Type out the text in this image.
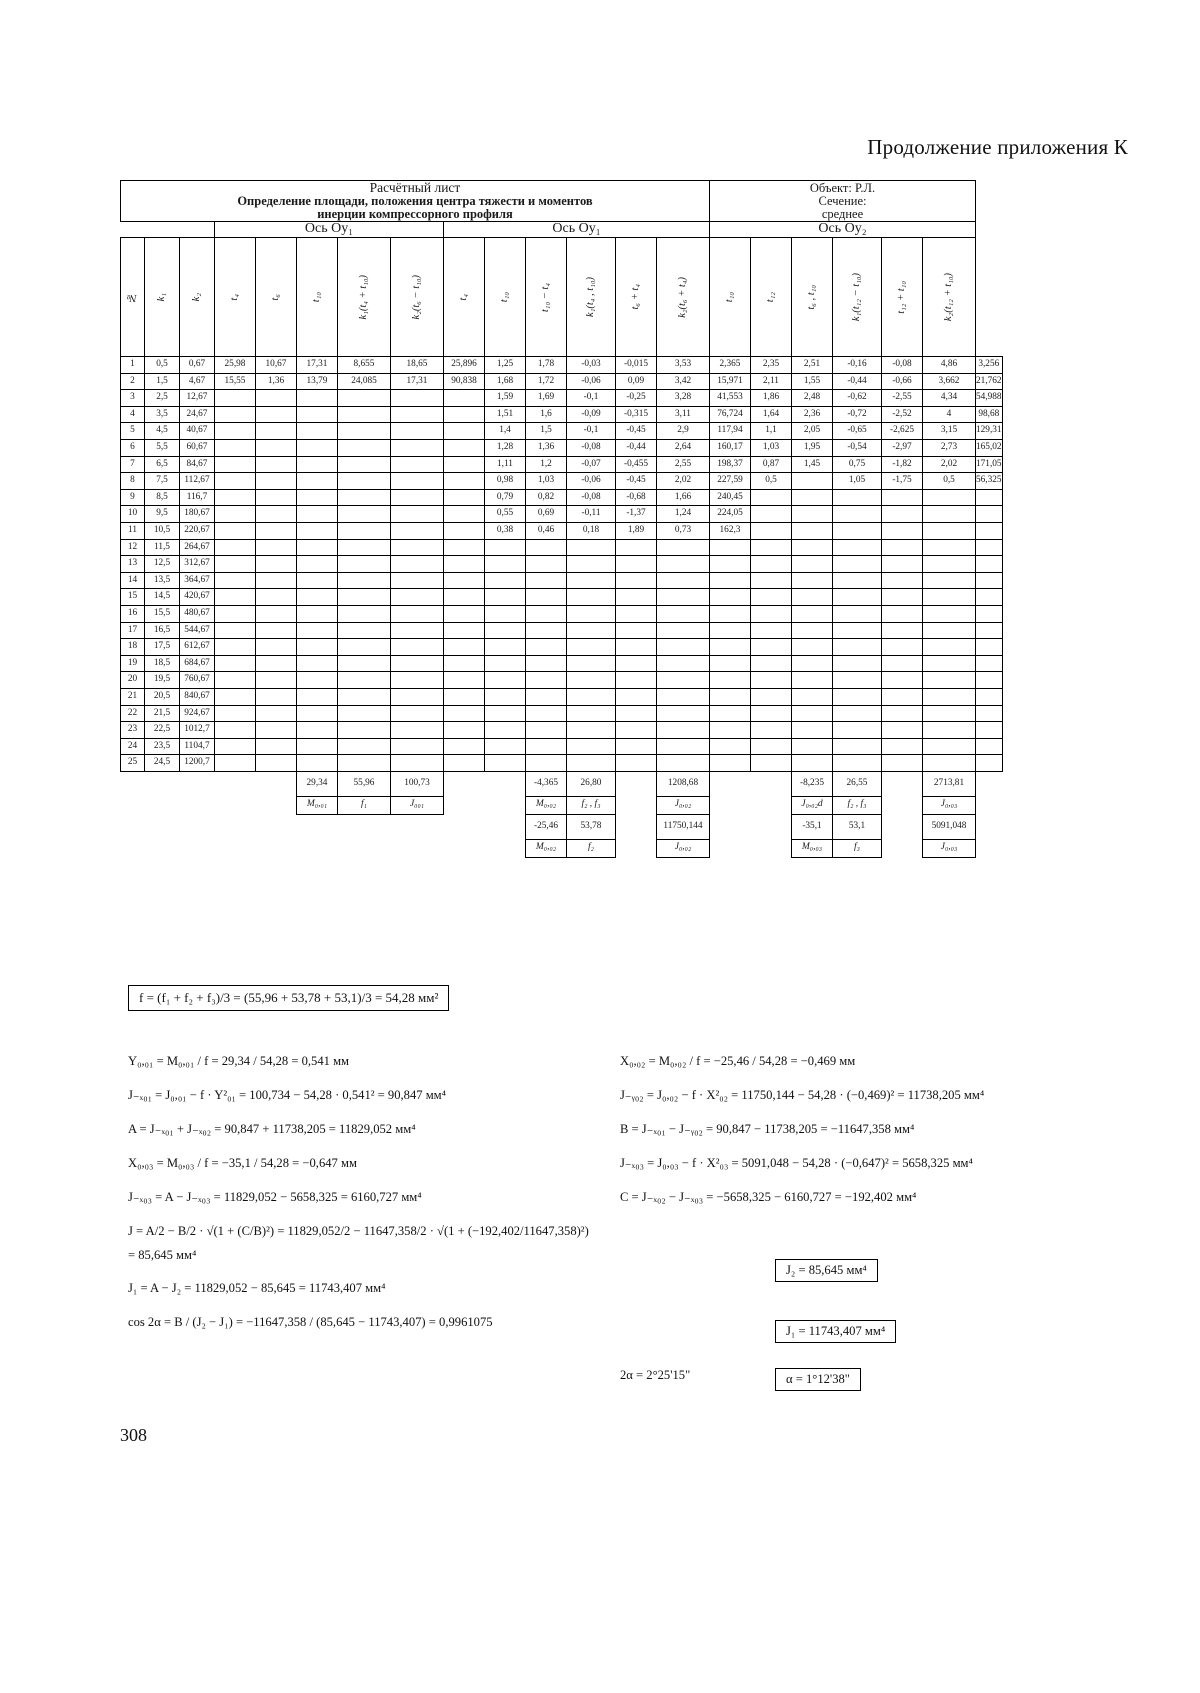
Продолжение приложения К
Расчётный лист
Определение площади, положения центра тяжести и моментов
инерции компрессорного профиля

Объект: Р.Л.
Сечение:
среднее

			Ось Оy₁					Ось Оy₁						Ось Оy₂						

№	k₁	k₂	t₄	t₆	t₁₀	k₁(t₄ + t₁₀)	k₂(t₆ − t₁₀)	t₄	t₁₀	t₁₀ − t₄	k₁(t₄ , t₁₀)	t₆ + t₄	k₂(t₆ + t₄)	t₁₀	t₁₂	t₆ , t₁₀	k₁(t₁₂ − t₁₀)	t₁₂ + t₁₀	k₂(t₁₂ + t₁₀)	

1	0,5	0,67	25,98	10,67	17,31	8,655	18,65	25,896	1,25	1,78	-0,03	-0,015	3,53	2,365	2,35	2,51	-0,16	-0,08	4,86	3,256
2	1,5	4,67	15,55	1,36	13,79	24,085	17,31	90,838	1,68	1,72	-0,06	0,09	3,42	15,971	2,11	1,55	-0,44	-0,66	3,662	21,762
3	2,5	12,67							1,59	1,69	-0,1	-0,25	3,28	41,553	1,86	2,48	-0,62	-2,55	4,34	54,988
4	3,5	24,67							1,51	1,6	-0,09	-0,315	3,11	76,724	1,64	2,36	-0,72	-2,52	4	98,68
5	4,5	40,67							1,4	1,5	-0,1	-0,45	2,9	117,94	1,1	2,05	-0,65	-2,625	3,15	129,31
6	5,5	60,67							1,28	1,36	-0,08	-0,44	2,64	160,17	1,03	1,95	-0,54	-2,97	2,73	165,02
7	6,5	84,67							1,11	1,2	-0,07	-0,455	2,55	198,37	0,87	1,45	0,75	-1,82	2,02	171,05
8	7,5	112,67							0,98	1,03	-0,06	-0,45	2,02	227,59	0,5		1,05	-1,75	0,5	56,325
9	8,5	116,7							0,79	0,82	-0,08	-0,68	1,66	240,45						
10	9,5	180,67							0,55	0,69	-0,11	-1,37	1,24	224,05						
11	10,5	220,67							0,38	0,46	0,18	1,89	0,73	162,3						
12	11,5	264,67																		
13	12,5	312,67																		
14	13,5	364,67																		
15	14,5	420,67																		
16	15,5	480,67																		
17	16,5	544,67																		
18	17,5	612,67																		
19	18,5	684,67																		
20	19,5	760,67																		
21	20,5	840,67																		
22	21,5	924,67																		
23	22,5	1012,7																		
24	23,5	1104,7																		
25	24,5	1200,7																		
					29,34	55,96	100,73			-4,365	26,80		1208,68			-8,235	26,55		2713,81	
					M₀,₀₁	f₁	J₀₀₁			M₀,₀₂	f₂ , f₃		J₀,₀₂			J₀,₀₂d	f₂ , f₃		J₀,₀₃	
										-25,46	53,78		11750,144			-35,1	53,1		5091,048	
										M₀,₀₂	f₂		J₀,₀₂			M₀,₀₃	f₃		J₀,₀₃	
f = (f₁ + f₂ + f₃)/3 = (55,96 + 53,78 + 53,1)/3 = 54,28 мм²
Y₀,₀₁ = M₀,₀₁ / f = 29,34 / 54,28 = 0,541 мм
J₋ₓ₀₁ = J₀,₀₁ − f · Y²₀₁ = 100,734 − 54,28 · 0,541² = 90,847 мм⁴
A = J₋ₓ₀₁ + J₋ₓ₀₂ = 90,847 + 11738,205 = 11829,052 мм⁴
X₀,₀₃ = M₀,₀₃ / f = −35,1 / 54,28 = −0,647 мм
J₋ₓ₀₃ = A − J₋ₓ₀₃ = 11829,052 − 5658,325 = 6160,727 мм⁴
J = A/2 − B/2 · √(1 + (C/B)²) = 11829,052/2 − 11647,358/2 · √(1 + (−192,402/11647,358)²) = 85,645 мм⁴
J₁ = A − J₂ = 11829,052 − 85,645 = 11743,407 мм⁴
cos 2α = B / (J₂ − J₁) = −11647,358 / (85,645 − 11743,407) = 0,9961075
X₀,₀₂ = M₀,₀₂ / f = −25,46 / 54,28 = −0,469 мм
J₋ᵧ₀₂ = J₀,₀₂ − f · X²₀₂ = 11750,144 − 54,28 · (−0,469)² = 11738,205 мм⁴
B = J₋ₓ₀₁ − J₋ᵧ₀₂ = 90,847 − 11738,205 = −11647,358 мм⁴
J₋ₓ₀₃ = J₀,₀₃ − f · X²₀₃ = 5091,048 − 54,28 · (−0,647)² = 5658,325 мм⁴
C = J₋ₓ₀₂ − J₋ₓ₀₃ = −5658,325 − 6160,727 = −192,402 мм⁴
J₂ = 85,645 мм⁴
J₁ = 11743,407 мм⁴
α = 1°12'38"
2α = 2°25'15"
308
